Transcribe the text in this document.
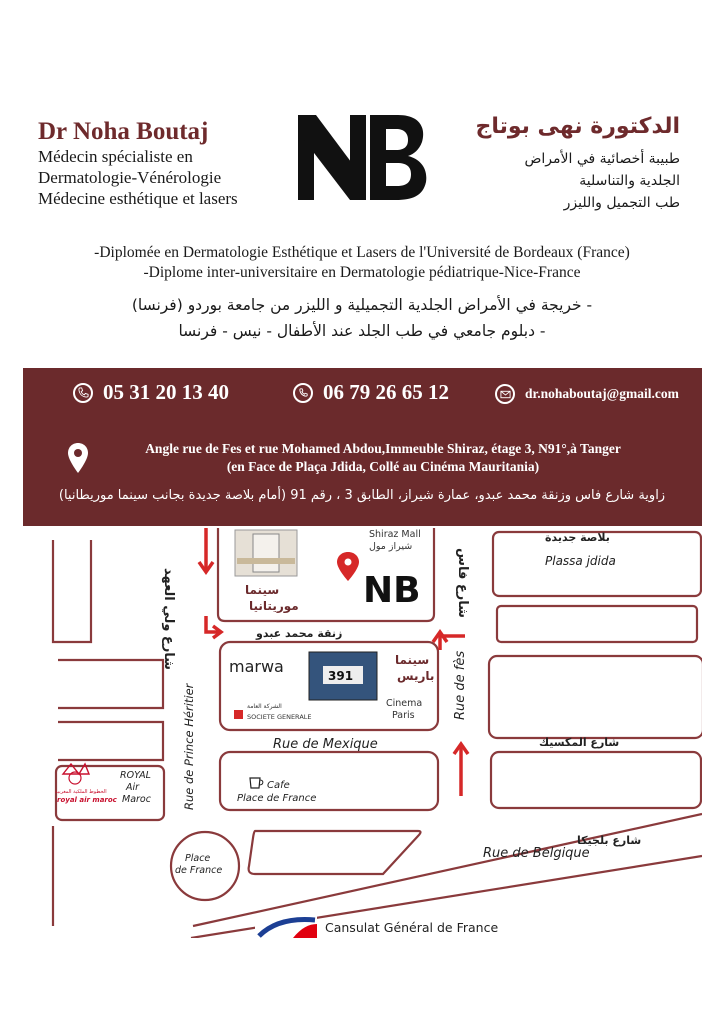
Dr Noha Boutaj
Médecin spécialiste en
Dermatologie-Vénérologie
Médecine esthétique et lasers
الدكتورة نهى بوتاج
طبيبة أخصائية في الأمراض
الجلدية والتناسلية
طب التجميل والليزر
-Diplomée en Dermatologie Esthétique et Lasers de l'Université de Bordeaux (France)
-Diplome inter-universitaire en Dermatologie pédiatrique-Nice-France
- خريجة في الأمراض الجلدية التجميلية و الليزر من جامعة بوردو (فرنسا)
- دبلوم جامعي في طب الجلد عند الأطفال - نيس - فرنسا
05 31 20 13 40	06 79 26 65 12	dr.nohaboutaj@gmail.com
Angle rue de Fes et rue Mohamed Abdou,Immeuble Shiraz, étage 3, N91°,à Tanger
(en Face de Plaça Jdida, Collé au Cinéma Mauritania)
زاوية شارع فاس وزنقة محمد عبدو، عمارة شيراز، الطابق 3 ، رقم 91 (أمام بلاصة جديدة بجانب سينما موريطانيا)
سينما
موريتانيا
Shiraz Mall
شيراز مول
NB
شارع ولي العهد	شارع فاس
بلاصة جديدة
Plassa jdida
زنقة محمد عبدو
marwa	391
سينما
باريس
Cinema
Paris
الشركة العامة
SOCIETE GENERALE	Rue de fès
Rue de Prince Héritier	Rue de Mexique	شارع المكسيك
الخطوط الملكية المغربية
royal air maroc
ROYAL
Air
Maroc
Cafe
Place de France
Place
de France
شارع بلجيكا
Rue de Belgique
Cansulat Général de France
